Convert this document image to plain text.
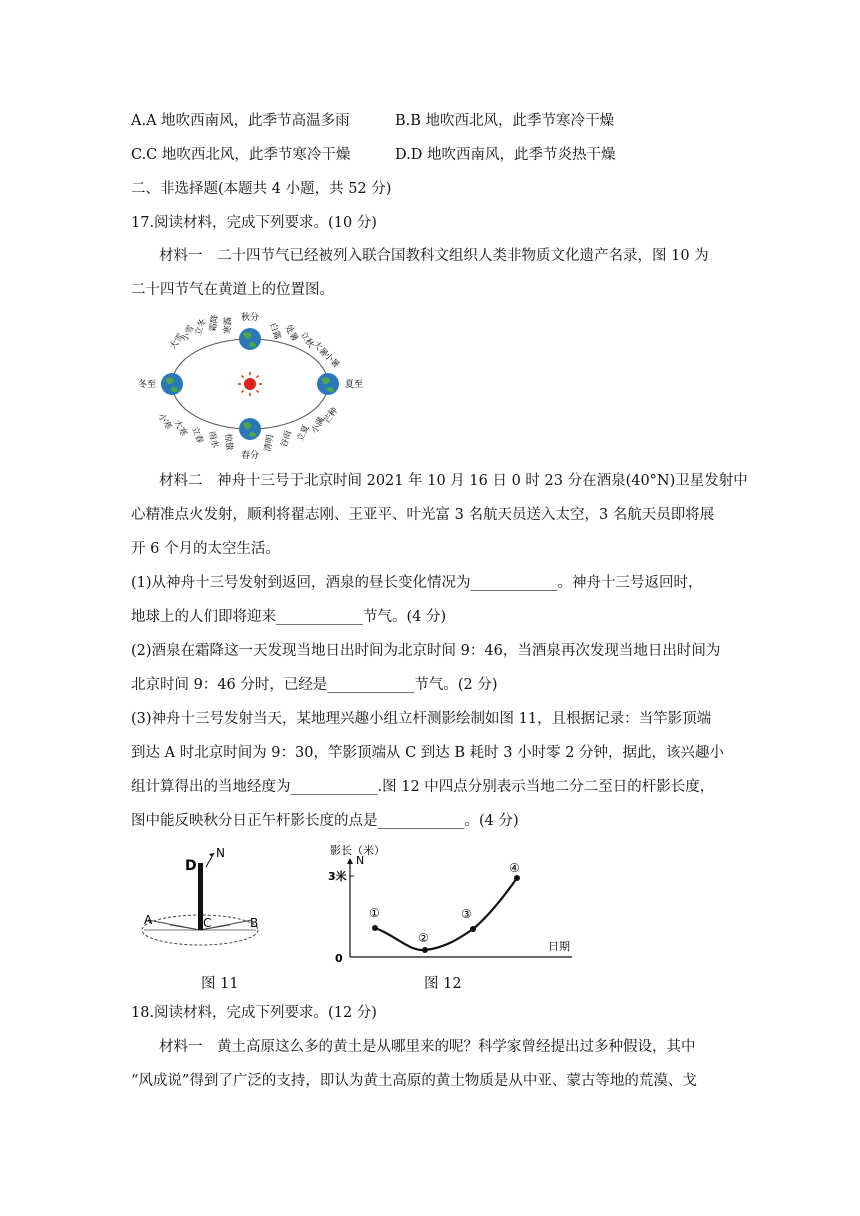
A.A 地吹西南风，此季节高温多雨	B.B 地吹西北风，此季节寒冷干燥
C.C 地吹西北风，此季节寒冷干燥	D.D 地吹西南风，此季节炎热干燥
二、非选择题(本题共 4 小题，共 52 分)
17.阅读材料，完成下列要求。(10 分)
材料一　二十四节气已经被列入联合国教科文组织人类非物质文化遗产名录，图 10 为
二十四节气在黄道上的位置图。
秋分
春分
冬至	夏至
大雪
小雪
立冬 霜降 寒露	白露 处暑
立秋
大暑
小暑
小寒
大寒 立春 雨水 惊蛰	清明 谷雨 立夏
小满
芒种
材料二　神舟十三号于北京时间 2021 年 10 月 16 日 0 时 23 分在酒泉(40°N)卫星发射中
心精准点火发射，顺利将翟志刚、王亚平、叶光富 3 名航天员送入太空，3 名航天员即将展
开 6 个月的太空生活。
(1)从神舟十三号发射到返回，酒泉的昼长变化情况为____________。神舟十三号返回时，
地球上的人们即将迎来____________节气。(4 分)
(2)酒泉在霜降这一天发现当地日出时间为北京时间 9：46，当酒泉再次发现当地日出时间为
北京时间 9：46 分时，已经是____________节气。(2 分)
(3)神舟十三号发射当天，某地理兴趣小组立杆测影绘制如图 11，且根据记录：当竿影顶端
到达 A 时北京时间为 9：30，竿影顶端从 C 到达 B 耗时 3 小时零 2 分钟，据此，该兴趣小
组计算得出的当地经度为____________.图 12 中四点分别表示当地二分二至日的杆影长度，
图中能反映秋分日正午杆影长度的点是____________。(4 分)
D
N
A	C	B
图 11
影长（米）
N
3米
0
日期
①
②
③
④
图 12
18.阅读材料，完成下列要求。(12 分)
材料一　黄土高原这么多的黄土是从哪里来的呢？科学家曾经提出过多种假设，其中
“风成说”得到了广泛的支持，即认为黄土高原的黄土物质是从中亚、蒙古等地的荒漠、戈
